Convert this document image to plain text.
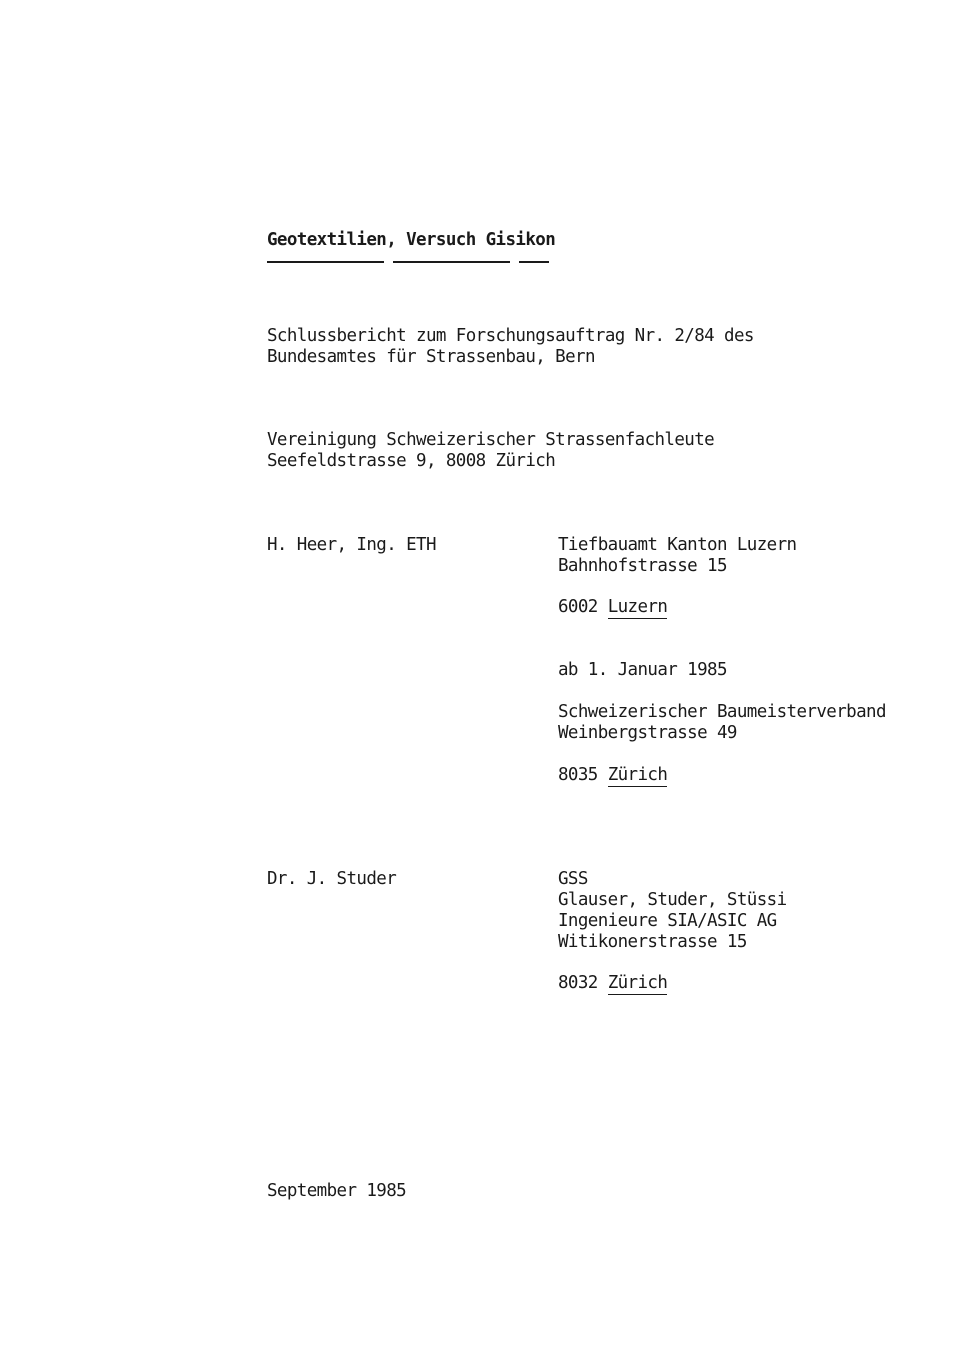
Geotextilien, Versuch Gisikon
Schlussbericht zum Forschungsauftrag Nr. 2/84 des
Bundesamtes für Strassenbau, Bern
Vereinigung Schweizerischer Strassenfachleute
Seefeldstrasse 9, 8008 Zürich
H. Heer, Ing. ETH	Tiefbauamt Kanton Luzern
Bahnhofstrasse 15
6002 Luzern
ab 1. Januar 1985
Schweizerischer Baumeisterverband
Weinbergstrasse 49
8035 Zürich
Dr. J. Studer	GSS
Glauser, Studer, Stüssi
Ingenieure SIA/ASIC AG
Witikonerstrasse 15
8032 Zürich
September 1985
